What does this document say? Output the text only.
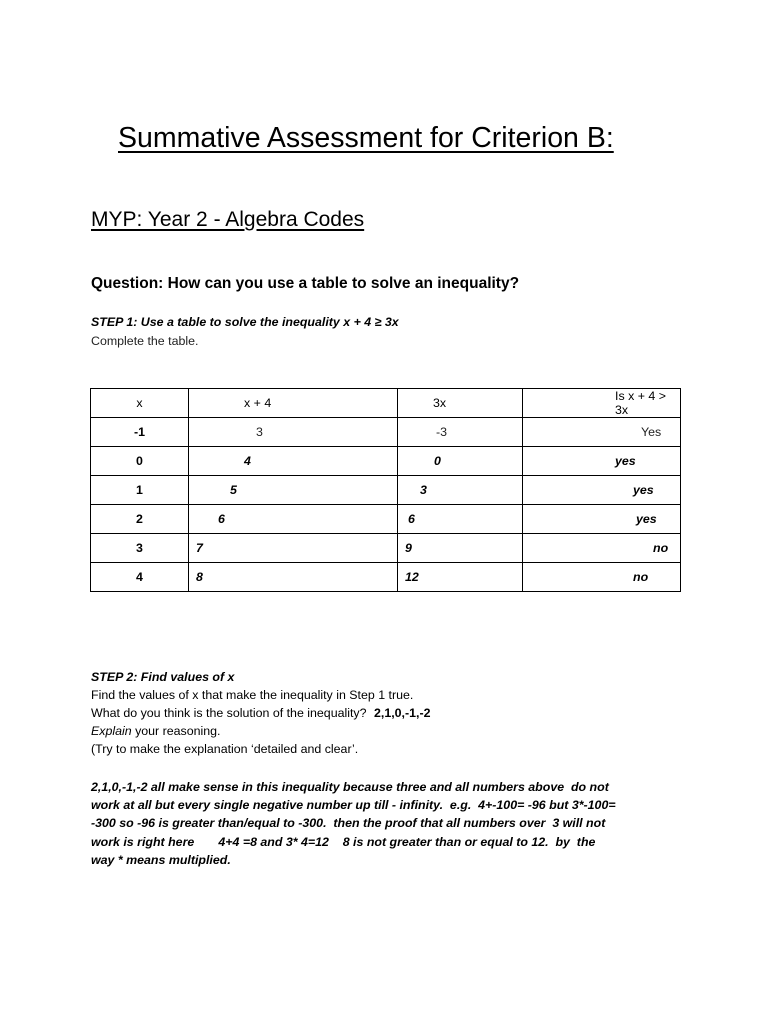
Summative Assessment for Criterion B:
MYP: Year 2 - Algebra Codes
Question: How can you use a table to solve an inequality?
STEP 1: Use a table to solve the inequality x + 4 ≥ 3x
Complete the table.
x	x + 4	3x	Is x + 4 > 3x
-1	3	-3	Yes
0	4	0	yes
1	5	3	yes
2	6	6	yes
3	7	9	no
4	8	12	no
STEP 2: Find values of x
Find the values of x that make the inequality in Step 1 true.
What do you think is the solution of the inequality? 2,1,0,-1,-2
Explain your reasoning.
(Try to make the explanation ‘detailed and clear’.
2,1,0,-1,-2 all make sense in this inequality because three and all numbers above  do not
work at all but every single negative number up till - infinity.  e.g.  4+-100= -96 but 3*-100=
-300 so -96 is greater than/equal to -300.  then the proof that all numbers over  3 will not
work is right here       4+4 =8 and 3* 4=12    8 is not greater than or equal to 12.  by  the
way * means multiplied.
